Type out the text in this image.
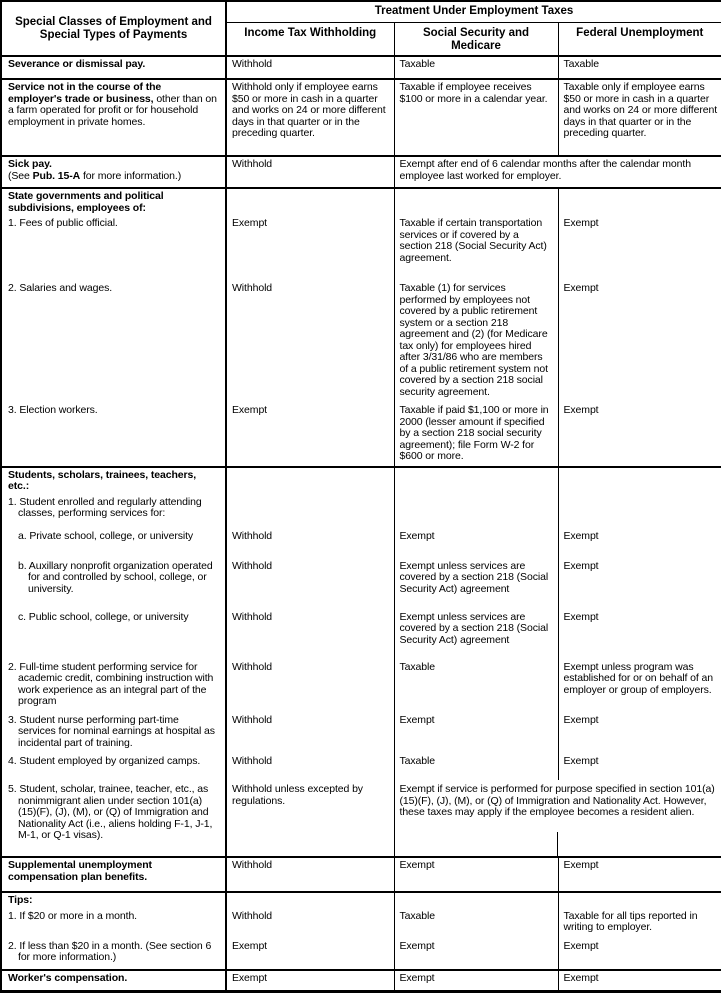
Special Classes of Employment and Special Types of Payments	Treatment Under Employment Taxes		
	Income Tax Withholding	Social Security and Medicare	Federal Unemployment
Severance or dismissal pay.	Withhold	Taxable	Taxable
Service not in the course of the employer's trade or business, other than on a farm operated for profit or for household employment in private homes.	Withhold only if employee earns $50 or more in cash in a quarter and works on 24 or more different days in that quarter or in the preceding quarter.	Taxable if employee receives $100 or more in a calendar year.	Taxable only if employee earns $50 or more in cash in a quarter and works on 24 or more different days in that quarter or in the preceding quarter.

Sick pay.
(See Pub. 15-A for more information.)	Withhold	Exempt after end of 6 calendar months after the calendar month employee last worked for employer.	
State governments and political subdivisions, employees of:			

1. Fees of public official.	Exempt	Taxable if certain transportation services or if covered by a section 218 (Social Security Act) agreement.	Exempt

2. Salaries and wages.	Withhold	Taxable (1) for services performed by employees not covered by a public retirement system or a section 218 agreement and (2) (for Medicare tax only) for employees hired after 3/31/86 who are members of a public retirement system not covered by a section 218 social security agreement.	Exempt

3. Election workers.	Exempt	Taxable if paid $1,100 or more in 2000 (lesser amount if specified by a section 218 social security agreement); file Form W-2 for $600 or more.	Exempt
Students, scholars, trainees, teachers, etc.:			

1. Student enrolled and regularly attending classes, performing services for:			

a. Private school, college, or university	Withhold	Exempt	Exempt

b. Auxillary nonprofit organization operated for and controlled by school, college, or university.	Withhold	Exempt unless services are covered by a section 218 (Social Security Act) agreement	Exempt

c. Public school, college, or university	Withhold	Exempt unless services are covered by a section 218 (Social Security Act) agreement	Exempt

2. Full-time student performing service for academic credit, combining instruction with work experience as an integral part of the program	Withhold	Taxable	Exempt unless program was established for or on behalf of an employer or group of employers.

3. Student nurse performing part-time services for nominal earnings at hospital as incidental part of training.	Withhold	Exempt	Exempt

4. Student employed by organized camps.	Withhold	Taxable	Exempt

5. Student, scholar, trainee, teacher, etc., as nonimmigrant alien under section 101(a)(15)(F), (J), (M), or (Q) of Immigration and Nationality Act (i.e., aliens holding F-1, J-1, M-1, or Q-1 visas).	Withhold unless excepted by regulations.	Exempt if service is performed for purpose specified in section 101(a)(15)(F), (J), (M), or (Q) of Immigration and Nationality Act. However, these taxes may apply if the employee becomes a resident alien.	

Supplemental unemployment compensation plan benefits.	Withhold	Exempt	Exempt
Tips:			

1. If $20 or more in a month.	Withhold	Taxable	Taxable for all tips reported in writing to employer.

2. If less than $20 in a month. (See section 6 for more information.)	Exempt	Exempt	Exempt
Worker's compensation.	Exempt	Exempt	Exempt
